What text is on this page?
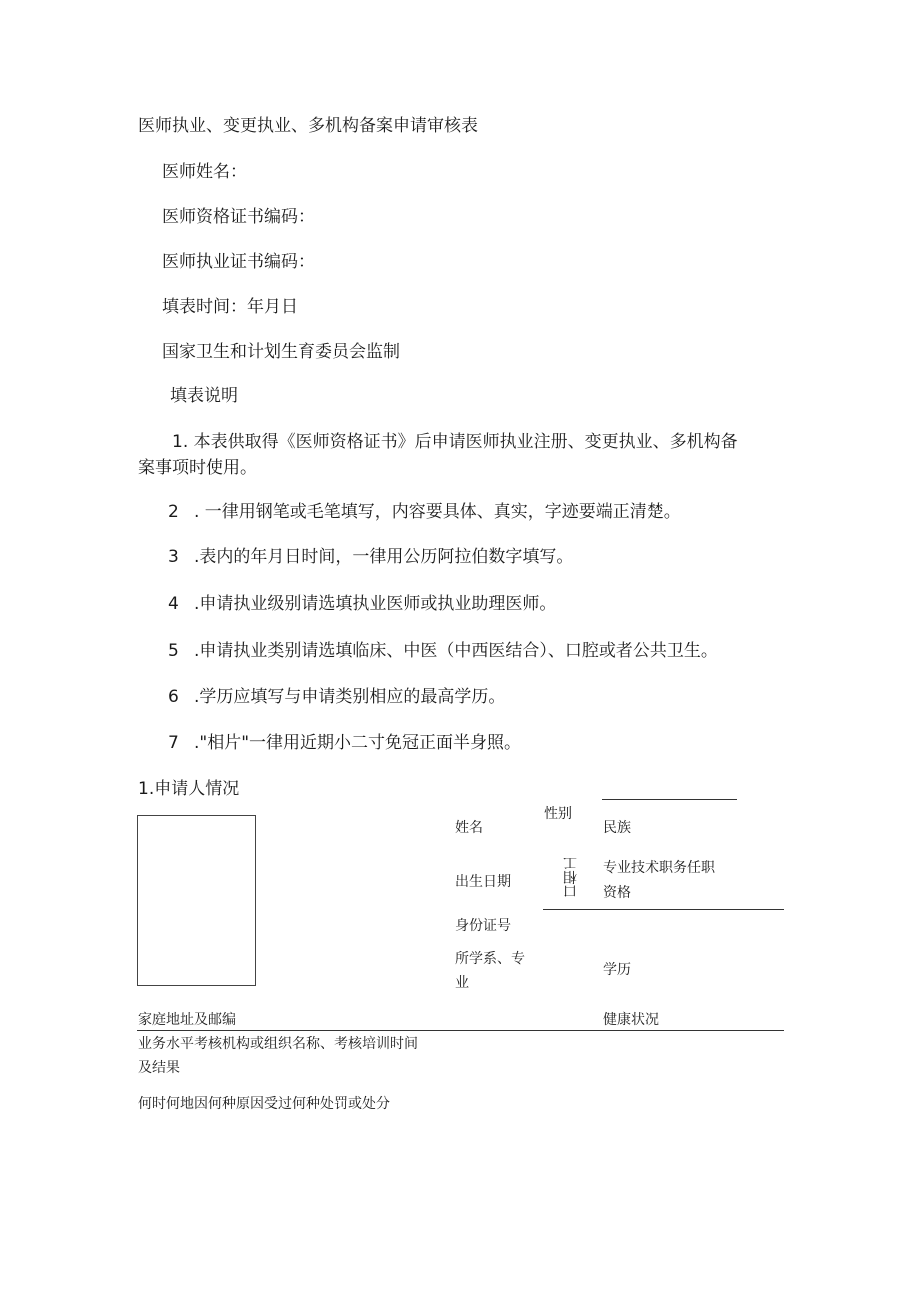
医师执业、变更执业、多机构备案申请审核表
医师姓名：
医师资格证书编码：
医师执业证书编码：
填表时间：年月日
国家卫生和计划生育委员会监制
填表说明
1. 本表供取得《医师资格证书》后申请医师执业注册、变更执业、多机构备
案事项时使用。
2 . 一律用钢笔或毛笔填写，内容要具体、真实，字迹要端正清楚。
3 .表内的年月日时间，一律用公历阿拉伯数字填写。
4 .申请执业级别请选填执业医师或执业助理医师。
5 .申请执业类别请选填临床、中医（中西医结合）、口腔或者公共卫生。
6 .学历应填写与申请类别相应的最高学历。
7 ."相片"一律用近期小二寸免冠正面半身照。
1.申请人情况
姓名
性别
民族
出生日期	口相工 专业技术职务任职
资格
身份证号
所学系、专
业
学历
家庭地址及邮编	健康状况
业务水平考核机构或组织名称、考核培训时间
及结果
何时何地因何种原因受过何种处罚或处分
